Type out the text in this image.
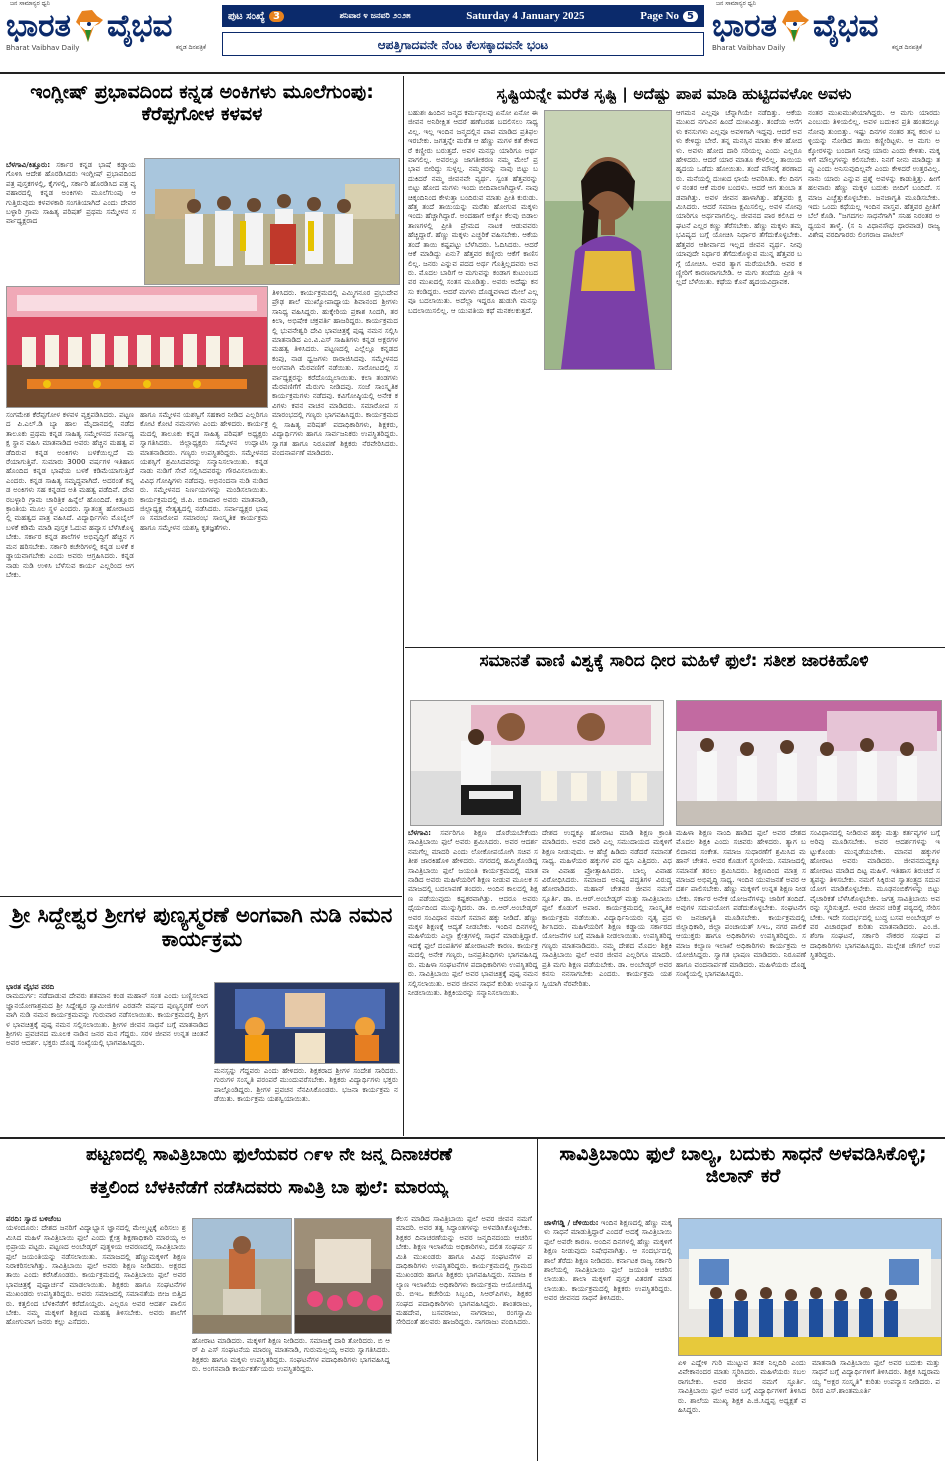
ಜನ ಸಾಮಾನ್ಯರ ಧ್ವನಿ
ಭಾರತ ವೈಭವ
Bharat Vaibhav Daily	ಕನ್ನಡ ದಿನಪತ್ರಿಕೆ
ಪುಟ ಸಂಖ್ಯೆ 3	ಶನಿವಾರ ೪ ಜನವರಿ ೨೦೨೫	Saturday 4 January 2025	Page No 5
ಆಪತ್ತಿಗಾದವನೇ ನೆಂಟ ಕೆಲಸಕ್ಕಾದವನೇ ಭಂಟ
ಜನ ಸಾಮಾನ್ಯರ ಧ್ವನಿ
ಭಾರತ ವೈಭವ
Bharat Vaibhav Daily	ಕನ್ನಡ ದಿನಪತ್ರಿಕೆ
ಇಂಗ್ಲೀಷ್ ಪ್ರಭಾವದಿಂದ ಕನ್ನಡ ಅಂಕಿಗಳು ಮೂಲೆಗುಂಪು: ಕೆರೆಪ್ಪಗೋಳ ಕಳವಳ
ಬೆಳಗಾವಿ/ಕಿತ್ತೂರು: ಸರ್ಕಾರ ಕನ್ನಡ ಭಾಷೆ ಕಡ್ಡಾಯಗೊಳಿಸಿ ಆದೇಶ ಹೊರಡಿಸಿದರು ಇಂಗ್ಲೀಷ್ ಪ್ರಭಾವದಿಂದ ಪತ್ರ ಪುಸ್ತಕಗಳಲ್ಲಿ, ಕೈಗಳಲ್ಲಿ, ಸರ್ಕಾರಿ ಹೊರಡಿಸಿದ ಪತ್ರ ವ್ಯವಹಾರದಲ್ಲಿ ಕನ್ನಡ ಅಂಕಿಗಳು ಮೂಲೆಗುಂಪು ಆಗುತ್ತಿರುವುದು ಕಳವಳಕಾರಿ ಸಂಗತಿಯಾಗಿದೆ ಎಂದು ದೇವರಬಳ್ಳಾರಿ ಗ್ರಾಮ ಸಾಹಿತ್ಯ ಪರಿಷತ್ ಪ್ರಥಮ ಸಮ್ಮೇಳನ ಸರ್ವಾಧ್ಯಕ್ಷರಾದ
ತಿಳಿಸಿದರು. ಕಾರ್ಯಕ್ರಮದಲ್ಲಿ ಎಮ್ಮಿಗನೂರ ಪ್ರಭುದೇವ ಪ್ರೌಢ ಶಾಲೆ ಮುಖ್ಯೋಪಾಧ್ಯಾಯ ಶಿವಾನಂದ ಶ್ರೀಗಳು ಸಾನಿಧ್ಯ ವಹಿಸಿದ್ದರು. ಹುಕ್ಕೇರಿಯ ಪ್ರಕಾಶ ಸಿಂದಗಿ, ತರಕಿಲಾ, ಅಭಿಷೇಕ ಚಕ್ರವರ್ತಿ ಹಾಜರಿದ್ದರು. ಕಾರ್ಯಕ್ರಮದಲ್ಲಿ ಭುವನೇಶ್ವರಿ ದೇವಿ ಭಾವಚಿತ್ರಕ್ಕೆ ಪುಷ್ಪ ನಮನ ಸಲ್ಲಿಸಿ ಮಾತನಾಡಿದ ಎಂ.ವಿ.ಎಸ್ ಸಾಹಿತಿಗಳು ಕನ್ನಡ ಅಕ್ಷರಗಳ ಮಹತ್ವ ತಿಳಿಸಿದರು. ಪಟ್ಟಣದಲ್ಲಿ ಎಲ್ಲೆಲ್ಲೂ ಕನ್ನಡದ ಕಂಪು, ನಾಡ ಧ್ವಜಗಳು ರಾರಾಜಿಸಿದವು. ಸಮ್ಮೇಳನದ ಅಂಗವಾಗಿ ಮೆರವಣಿಗೆ ನಡೆಯಿತು. ಸಾರೋಟದಲ್ಲಿ ಸರ್ವಾಧ್ಯಕ್ಷರನ್ನು ಕರೆದೊಯ್ಯಲಾಯಿತು. ಕಲಾ ತಂಡಗಳು ಮೆರವಣಿಗೆಗೆ ಮೆರುಗು ನೀಡಿದವು. ಸಂಜೆ ಸಾಂಸ್ಕೃತಿಕ ಕಾರ್ಯಕ್ರಮಗಳು ನಡೆದವು. ಕವಿಗೋಷ್ಠಿಯಲ್ಲಿ ಅನೇಕ ಕವಿಗಳು ಕವನ ವಾಚನ ಮಾಡಿದರು. ಸಮಾರೋಪ ಸಮಾರಂಭದಲ್ಲಿ ಗಣ್ಯರು ಭಾಗವಹಿಸಿದ್ದರು. ಕಾರ್ಯಕ್ರಮದಲ್ಲಿ ಸಾಹಿತ್ಯ ಪರಿಷತ್ ಪದಾಧಿಕಾರಿಗಳು, ಶಿಕ್ಷಕರು, ವಿದ್ಯಾರ್ಥಿಗಳು ಹಾಗೂ ಸಾರ್ವಜನಿಕರು ಉಪಸ್ಥಿತರಿದ್ದರು. ಸ್ವಾಗತ ಹಾಗೂ ನಿರೂಪಣೆ ಶಿಕ್ಷಕರು ನೆರವೇರಿಸಿದರು. ವಂದನಾರ್ಪಣೆ ಮಾಡಿದರು.
ಸಂಗಮೇಶ ಕೆರೆಪ್ಪಗೋಳ ಕಳವಳ ವ್ಯಕ್ತಪಡಿಸಿದರು. ಪಟ್ಟಣದ ಪಿ.ಎಲ್.ಡಿ ಬ್ಯಾ ಹಾಲ ಮೈದಾನದಲ್ಲಿ ನಡೆದ ತಾಲೂಕು ಪ್ರಥಮ ಕನ್ನಡ ಸಾಹಿತ್ಯ ಸಮ್ಮೇಳನದ ಸರ್ವಾಧ್ಯಕ್ಷ ಸ್ಥಾನ ವಹಿಸಿ ಮಾತನಾಡಿದ ಅವರು ಹೆಚ್ಚಿನ ಮಹತ್ವ ಪಡೆದಿರುವ ಕನ್ನಡ ಅಂಕಿಗಳು ಬಳಕೆಯಿಲ್ಲದೆ ಮರೆಯಾಗುತ್ತಿವೆ. ಸುಮಾರು 3000 ವರ್ಷಗಳ ಇತಿಹಾಸ ಹೊಂದಿದ ಕನ್ನಡ ಭಾಷೆಯ ಬಳಕೆ ಕಡಿಮೆಯಾಗುತ್ತಿದೆ ಎಂದರು. ಕನ್ನಡ ಸಾಹಿತ್ಯ ಸಮೃದ್ಧವಾಗಿದೆ. ಅದರಂತೆ ಕನ್ನಡ ಅಂಕಿಗಳು ಸಹ ಕನ್ನಡದ ಅತಿ ಮಹತ್ವ ಪಡೆದಿವೆ. ದೇವರಬಳ್ಳಾರಿ ಗ್ರಾಮ ಚಾರಿತ್ರಿಕ ಹಿನ್ನೆಲೆ ಹೊಂದಿದೆ. ಕಿತ್ತೂರು ಕ್ರಾಂತಿಯ ಮೂಲ ಸ್ಥಳ ಎಂದರು. ಸ್ವಾತಂತ್ರ್ಯ ಹೋರಾಟದಲ್ಲಿ ಮಹತ್ವದ ಪಾತ್ರ ವಹಿಸಿದೆ. ವಿದ್ಯಾರ್ಥಿಗಳು ಮೊಬೈಲ್ ಬಳಕೆ ಕಡಿಮೆ ಮಾಡಿ ಪುಸ್ತಕ ಓದುವ ಹವ್ಯಾಸ ಬೆಳೆಸಿಕೊಳ್ಳಬೇಕು. ಸರ್ಕಾರ ಕನ್ನಡ ಶಾಲೆಗಳ ಅಭಿವೃದ್ಧಿಗೆ ಹೆಚ್ಚಿನ ಗಮನ ಹರಿಸಬೇಕು. ಸರ್ಕಾರಿ ಕಚೇರಿಗಳಲ್ಲಿ ಕನ್ನಡ ಬಳಕೆ ಕಡ್ಡಾಯವಾಗಬೇಕು ಎಂದು ಅವರು ಆಗ್ರಹಿಸಿದರು. ಕನ್ನಡ ನಾಡು ನುಡಿ ಉಳಿಸಿ ಬೆಳೆಸುವ ಕಾರ್ಯ ಎಲ್ಲರಿಂದ ಆಗಬೇಕು.
ಹಾಗೂ ಸಮ್ಮೇಳನ ಯಶಸ್ವಿಗೆ ಸಹಕಾರ ನೀಡಿದ ಎಲ್ಲರಿಗೂ ಕೋಟಿ ಕೋಟಿ ನಮನಗಳು ಎಂದು ಹೇಳಿದರು. ಕಾರ್ಯಕ್ರಮದಲ್ಲಿ ತಾಲೂಕು ಕನ್ನಡ ಸಾಹಿತ್ಯ ಪರಿಷತ್ ಅಧ್ಯಕ್ಷರು ಸ್ವಾಗತಿಸಿದರು. ಜಿಲ್ಲಾಧ್ಯಕ್ಷರು ಸಮ್ಮೇಳನ ಉದ್ಘಾಟಿಸಿ ಮಾತನಾಡಿದರು. ಗಣ್ಯರು ಉಪಸ್ಥಿತರಿದ್ದರು. ಸಮ್ಮೇಳನದ ಯಶಸ್ಸಿಗೆ ಶ್ರಮಿಸಿದವರನ್ನು ಸನ್ಮಾನಿಸಲಾಯಿತು. ಕನ್ನಡ ನಾಡು ನುಡಿಗೆ ಸೇವೆ ಸಲ್ಲಿಸಿದವರನ್ನು ಗೌರವಿಸಲಾಯಿತು. ವಿವಿಧ ಗೋಷ್ಠಿಗಳು ನಡೆದವು. ಅಭಿನಂದನಾ ನುಡಿ ನುಡಿದರು. ಸಮ್ಮೇಳನದ ನಿರ್ಣಯಗಳನ್ನು ಮಂಡಿಸಲಾಯಿತು. ಕಾರ್ಯಕ್ರಮದಲ್ಲಿ ಜಿ.ಪಿ. ಬಿರಾದಾರ ಅವರು ಮಾತನಾಡಿ, ಜಿಲ್ಲಾಧ್ಯಕ್ಷ ನೇತೃತ್ವದಲ್ಲಿ ನಡೆಸಿದರು. ಸರ್ವಾಧ್ಯಕ್ಷರ ಭಾಷಣ ಸಮಾರೋಪ ಸಮಾರಂಭ ಸಾಂಸ್ಕೃತಿಕ ಕಾರ್ಯಕ್ರಮ ಹಾಗೂ ಸಮ್ಮೇಳನ ಯಶಸ್ವಿ ಕೃತಜ್ಞತೆಗಳು.
ಸೃಷ್ಟಿಯನ್ನೇ ಮರೆತ ಸೃಷ್ಟಿ | ಅದೆಷ್ಟು ಪಾಪ ಮಾಡಿ ಹುಟ್ಟಿದವಳೋ ಅವಳು
ಬಹುಶಃ ಹಿಂದಿನ ಜನ್ಮದ ಕರ್ಮಫಲವು ಏನೋ ಏನೋ ಈ ಜೀವನ ಅನಿರೀಕ್ಷಿತ ಆದರೆ ಹಣೆಬರಹ ಬದಲಿಸಲು ಸಾಧ್ಯವಿಲ್ಲ. ಇಲ್ಲ ಇಂದಿನ ಜನ್ಮದಲ್ಲಿನ ಪಾಪ ಮಾಡಿದ ಪ್ರತಿಫಲ ಇರಬೇಕು. ಜಗತ್ತನ್ನೇ ಮರೆತ ಆ ಹೆಣ್ಣು ಮಗಳ ಕತೆ ಕೇಳಿದರೆ ಕಣ್ಣೀರು ಬರುತ್ತದೆ. ಅವಳ ಮನಸ್ಸು ಯಾರಿಗೂ ಅರ್ಥವಾಗಲಿಲ್ಲ. ಅವರಲ್ಲೂ ಜಾಗತೀಕರಣ ನಮ್ಮ ಮೇಲೆ ಪ್ರಭಾವ ಬೀರಿದ್ದು ಸುಳ್ಳಲ್ಲ. ನಮ್ಮವರನ್ನು ನಾವು ಬಿಟ್ಟು ಬದುಕಿದರೆ ನಮ್ಮ ಜೀವನವೇ ವ್ಯರ್ಥ. ಸ್ವಂತ ಹೆತ್ತವರನ್ನು ಬಿಟ್ಟು ಹೋದ ಮಗಳು ಇಂದು ಬೀದಿಪಾಲಾಗಿದ್ದಾಳೆ. ನಾವು ಚಿಕ್ಕಂದಿನಿಂದ ಕೇಳುತ್ತಾ ಬಂದಿರುವ ಮಾತು ಪ್ರೀತಿ ಕುರುಡು. ಹೆತ್ತ ತಂದೆ ತಾಯಿಯನ್ನು ಮರೆತು ಹೋಗುವ ಮಕ್ಕಳು ಇಂದು ಹೆಚ್ಚಾಗಿದ್ದಾರೆ. ಅಂದಹಾಗೆ ಅಕ್ಕೋ ಕೆಲವು ಬಿಡಾಲ ತಾಣಗಳಲ್ಲಿ ಪ್ರೀತಿ ಪ್ರೇಮದ ನಾಟಕ ಆಡುವವರು ಹೆಚ್ಚಿದ್ದಾರೆ. ಹೆಣ್ಣು ಮಕ್ಕಳು ಎಚ್ಚರಿಕೆ ವಹಿಸಬೇಕು. ಆಕೆಯ ತಂದೆ ತಾಯಿ ಕಷ್ಟಪಟ್ಟು ಬೆಳೆಸಿದರು. ಓದಿಸಿದರು. ಆದರೆ ಆಕೆ ಮಾಡಿದ್ದು ಏನು? ಹೆತ್ತವರ ಕಣ್ಣೀರು ಆಕೆಗೆ ಕಾಣಿಸಲಿಲ್ಲ. ಜನರು ಎನ್ನುವ ಪದದ ಅರ್ಥ ಗೊತ್ತಿಲ್ಲದವರು ಅವರು. ಮೊದಲ ಬಾರಿಗೆ ಆ ಮಗುವನ್ನು ಕಂಡಾಗ ಕುಟುಂಬದವರ ಮುಖದಲ್ಲಿ ಸಂತಸ ಮೂಡಿತ್ತು. ಅವರು ಅದೆಷ್ಟು ಕನಸು ಕಂಡಿದ್ದರು. ಆದರೆ ಮಗಳು ದೊಡ್ಡವಳಾದ ಮೇಲೆ ಎಲ್ಲವೂ ಬದಲಾಯಿತು. ಅದೆಲ್ಲಾ ಇದ್ದರೂ ಹುಡುಗಿ ಮನಸ್ಸು ಬದಲಾಯಿಸಲಿಲ್ಲ. ಆ ಯುವತಿಯ ಕಥೆ ಮನಕಲಕುತ್ತದೆ.
ಆಗಮನ ಎಲ್ಲವೂ ಚೆನ್ನಾಗಿಯೇ ನಡೆದಿತ್ತು. ಆಕೆಯ ಮುಖದ ನಗುವಿನ ಹಿಂದೆ ದುಃಖವಿತ್ತು. ತಂದೆಯ ಆಸೆಗಳು ಕನಸುಗಳು ಎಲ್ಲವೂ ಅವಳಿಗಾಗಿ ಇದ್ದವು. ಆದರೆ ಅವಳು ಕೇಳಿದ್ದು ಬೇರೆ. ತನ್ನ ಮನಸ್ಸಿನ ಮಾತು ಕೇಳಿ ಹೋದಳು. ಅವಳು ಹೋದ ದಾರಿ ಸರಿಯಲ್ಲ ಎಂದು ಎಲ್ಲರೂ ಹೇಳಿದರು. ಆದರೆ ಯಾರ ಮಾತೂ ಕೇಳಲಿಲ್ಲ. ತಾಯಿಯ ಹೃದಯ ಒಡೆದು ಹೋಯಿತು. ತಂದೆ ಮೌನಕ್ಕೆ ಶರಣಾದರು. ಮನೆಯಲ್ಲಿ ದುಃಖದ ಛಾಯೆ ಆವರಿಸಿತು. ಕೆಲ ದಿನಗಳ ನಂತರ ಆಕೆ ಮರಳಿ ಬಂದಳು. ಆದರೆ ಆಗ ತುಂಬಾ ತಡವಾಗಿತ್ತು. ಅವಳ ಜೀವನ ಹಾಳಾಗಿತ್ತು. ಹೆತ್ತವರು ಕ್ಷಮಿಸಿದರು. ಆದರೆ ಸಮಾಜ ಕ್ಷಮಿಸಲಿಲ್ಲ. ಅವಳ ನೋವು ಯಾರಿಗೂ ಅರ್ಥವಾಗಲಿಲ್ಲ. ಜೀವನದ ಪಾಠ ಕಲಿಸಿದ ಆ ಘಟನೆ ಎಲ್ಲರ ಕಣ್ಣು ತೆರೆಸಬೇಕು. ಹೆಣ್ಣು ಮಕ್ಕಳು ತಮ್ಮ ಭವಿಷ್ಯದ ಬಗ್ಗೆ ಯೋಚಿಸಿ ನಿರ್ಧಾರ ತೆಗೆದುಕೊಳ್ಳಬೇಕು. ಹೆತ್ತವರ ಆಶೀರ್ವಾದ ಇಲ್ಲದ ಜೀವನ ವ್ಯರ್ಥ. ನೀವು ಯಾವುದೇ ನಿರ್ಧಾರ ತೆಗೆದುಕೊಳ್ಳುವ ಮುನ್ನ ಹೆತ್ತವರ ಬಗ್ಗೆ ಯೋಚಿಸಿ. ಅವರ ತ್ಯಾಗ ಮರೆಯಬೇಡಿ. ಅವರ ಕಣ್ಣೀರಿಗೆ ಕಾರಣರಾಗಬೇಡಿ. ಆ ಮಗು ತಂದೆಯ ಪ್ರೀತಿ ಇಲ್ಲದೆ ಬೆಳೆಯಿತು. ಕಥೆಯ ಕೊನೆ ಹೃದಯವಿದ್ರಾವಕ.
ನಂತರ ಮುಖಮುಖಿಯಾಗಿದ್ದರು. ಆ ಮಗು ಯಾರದು ಎಂಬುದು ತಿಳಿಯಲಿಲ್ಲ. ಅವಳ ಬದುಕಿನ ಪ್ರತಿ ಹಂತದಲ್ಲೂ ನೋವು ತುಂಬಿತ್ತು. ಇಷ್ಟು ದಿನಗಳ ನಂತರ ತನ್ನ ಕರುಳ ಬಳ್ಳಿಯನ್ನು ನೋಡಿದ ತಾಯಿ ಕಣ್ಣೀರಿಟ್ಟಳು. ಆ ಮಗು ಅಕ್ಕೋರಳನ್ನು ಬಂದಾಗ ನೀವು ಯಾರು ಎಂದು ಕೇಳಿತು. ಮಕ್ಕಳಿಗೆ ಮೌಲ್ಯಗಳನ್ನು ಕಲಿಸಬೇಕು. ನಿನಗೆ ನೀನು ಮಾಡಿದ್ದು ತಪ್ಪು ಎಂದು ಅನಿಸುವುದಿಲ್ಲವೇ ಎಂದು ಕೇಳಿದರೆ ಉತ್ತರವಿಲ್ಲ. ನಾನು ಯಾರು ಎನ್ನುವ ಪ್ರಶ್ನೆ ಅವಳನ್ನು ಕಾಡುತ್ತಿತ್ತು. ಹೀಗೆ ಹಲವಾರು ಹೆಣ್ಣು ಮಕ್ಕಳ ಬದುಕು ಬೀದಿಗೆ ಬಂದಿದೆ. ಸಮಾಜ ಎಚ್ಚೆತ್ತುಕೊಳ್ಳಬೇಕು. ಜನಜಾಗೃತಿ ಮೂಡಿಸಬೇಕು. ಇದು ಒಂದು ಕಥೆಯಲ್ಲ ಇಂದಿನ ವಾಸ್ತವ. ಹೆತ್ತವರ ಪ್ರೀತಿಗೆ ಬೆಲೆ ಕೊಡಿ. "ಜಗದಗಲ ಸಾಧನೆಗಾಗಿ" ಸನಿಹ ನಿರಂತರ ಅಧ್ಯಯನ ತಾಳ್ಮೆ. (ಸ ನಿ ವಿಧಾನಸೌಧ ಧಾರವಾಡ) ರಾಜ್ಯ ವಿಶೇಷ ವರದಿಗಾರರು ಲಿಂಗರಾಜ ಪಾಟೀಲ್
ಸಮಾನತೆ ವಾಣಿ ವಿಶ್ವಕ್ಕೆ ಸಾರಿದ ಧೀರ ಮಹಿಳೆ ಫುಲೆ: ಸತೀಶ ಜಾರಕಿಹೊಳಿ
ಬೆಳಗಾವಿ: ಸರ್ವರಿಗೂ ಶಿಕ್ಷಣ ದೊರೆಯಬೇಕೆಂದು ಸಾವಿತ್ರಿಬಾಯಿ ಫುಲೆ ಅವರು ಶ್ರಮಿಸಿದರು. ಅವರ ಆದರ್ಶ ನಮಗೆಲ್ಲ ಮಾದರಿ ಎಂದು ಲೋಕೋಪಯೋಗಿ ಸಚಿವ ಸತೀಶ ಜಾರಕಿಹೊಳಿ ಹೇಳಿದರು. ನಗರದಲ್ಲಿ ಹಮ್ಮಿಕೊಂಡಿದ್ದ ಸಾವಿತ್ರಿಬಾಯಿ ಫುಲೆ ಜಯಂತಿ ಕಾರ್ಯಕ್ರಮದಲ್ಲಿ ಮಾತನಾಡಿದ ಅವರು ಮಹಿಳೆಯರಿಗೆ ಶಿಕ್ಷಣ ನೀಡುವ ಮೂಲಕ ಸಮಾಜದಲ್ಲಿ ಬದಲಾವಣೆ ತಂದರು. ಅಂದಿನ ಕಾಲದಲ್ಲಿ ಶಿಕ್ಷಣ ಪಡೆಯುವುದು ಕಷ್ಟಕರವಾಗಿತ್ತು. ಆದರೂ ಅವರು ಧೈರ್ಯದಿಂದ ಮುನ್ನುಗ್ಗಿದರು. ಡಾ. ಬಿ.ಆರ್.ಅಂಬೇಡ್ಕರ್ ಅವರ ಸಂವಿಧಾನ ನಮಗೆ ಸಮಾನ ಹಕ್ಕು ನೀಡಿದೆ. ಹೆಣ್ಣು ಮಕ್ಕಳ ಶಿಕ್ಷಣಕ್ಕೆ ಆದ್ಯತೆ ನೀಡಬೇಕು. ಇಂದಿನ ದಿನಗಳಲ್ಲಿ ಮಹಿಳೆಯರು ಎಲ್ಲಾ ಕ್ಷೇತ್ರಗಳಲ್ಲಿ ಸಾಧನೆ ಮಾಡುತ್ತಿದ್ದಾರೆ. ಇದಕ್ಕೆ ಫುಲೆ ದಂಪತಿಗಳ ಹೋರಾಟವೇ ಕಾರಣ. ಕಾರ್ಯಕ್ರಮದಲ್ಲಿ ಅನೇಕ ಗಣ್ಯರು, ಜನಪ್ರತಿನಿಧಿಗಳು ಭಾಗವಹಿಸಿದ್ದರು. ಮಹಿಳಾ ಸಂಘಟನೆಗಳ ಪದಾಧಿಕಾರಿಗಳು ಉಪಸ್ಥಿತರಿದ್ದರು. ಸಾವಿತ್ರಿಬಾಯಿ ಫುಲೆ ಅವರ ಭಾವಚಿತ್ರಕ್ಕೆ ಪುಷ್ಪ ನಮನ ಸಲ್ಲಿಸಲಾಯಿತು. ಅವರ ಜೀವನ ಸಾಧನೆ ಕುರಿತು ಉಪನ್ಯಾಸ ನೀಡಲಾಯಿತು. ಶಿಕ್ಷಕಿಯರನ್ನು ಸನ್ಮಾನಿಸಲಾಯಿತು.
ದೇಶದ ಉದ್ದಕ್ಕೂ ಹೋರಾಟ ಮಾಡಿ ಶಿಕ್ಷಣ ಕ್ರಾಂತಿ ಮಾಡಿದರು. ಅವರ ದಾರಿ ಎಲ್ಲ ಸಮುದಾಯದ ಮಕ್ಕಳಿಗೆ ಶಿಕ್ಷಣ ನೀಡುವುದು. ಆ ಹೆಜ್ಜೆ ಹಿಡಿದು ನಡೆದರೆ ಸಮಾನತೆ ಸಾಧ್ಯ. ಮಹಿಳೆಯರ ಹಕ್ಕುಗಳ ಪರ ಧ್ವನಿ ಎತ್ತಿದರು. ವಿಧವಾ ವಿವಾಹ ಪ್ರೋತ್ಸಾಹಿಸಿದರು. ಬಾಲ್ಯ ವಿವಾಹ ವಿರೋಧಿಸಿದರು. ಸಮಾಜದ ಅನಿಷ್ಟ ಪದ್ಧತಿಗಳ ವಿರುದ್ಧ ಹೋರಾಡಿದರು. ಮಹಾನ್ ಚೇತನರ ಜೀವನ ನಮಗೆ ಸ್ಪೂರ್ತಿ. ಡಾ. ಬಿ.ಆರ್.ಅಂಬೇಡ್ಕರ್ ಮತ್ತು ಸಾವಿತ್ರಿಬಾಯಿ ಫುಲೆ ಕೊಡುಗೆ ಅಪಾರ. ಕಾರ್ಯಕ್ರಮದಲ್ಲಿ ಸಾಂಸ್ಕೃತಿಕ ಕಾರ್ಯಕ್ರಮ ನಡೆಯಿತು. ವಿದ್ಯಾರ್ಥಿನಿಯರು ನೃತ್ಯ ಪ್ರದರ್ಶಿಸಿದರು. ಮಹಿಳೆಯರಿಗೆ ಶಿಕ್ಷಣ ಕಡ್ಡಾಯ ಸರ್ಕಾರದ ಯೋಜನೆಗಳ ಬಗ್ಗೆ ಮಾಹಿತಿ ನೀಡಲಾಯಿತು. ಉಪಸ್ಥಿತರಿದ್ದ ಗಣ್ಯರು ಮಾತನಾಡಿದರು. ನಮ್ಮ ದೇಶದ ಮೊದಲ ಶಿಕ್ಷಕಿ ಸಾವಿತ್ರಿಬಾಯಿ ಫುಲೆ ಅವರ ಜೀವನ ಎಲ್ಲರಿಗೂ ಮಾದರಿ. ಪ್ರತಿ ಮಗು ಶಿಕ್ಷಣ ಪಡೆಯಬೇಕು. ಡಾ. ಅಂಬೇಡ್ಕರ್ ಅವರ ಕನಸು ನನಸಾಗಬೇಕು ಎಂದರು. ಕಾರ್ಯಕ್ರಮ ಯಶಸ್ವಿಯಾಗಿ ನೆರವೇರಿತು.
ಮಹಿಳಾ ಶಿಕ್ಷಣ ನಾಂದಿ ಹಾಡಿದ ಫುಲೆ ಅವರ ದೇಶದ ಮೊದಲ ಶಿಕ್ಷಕಿ ಎಂದು ಸಚಿವರು ಹೇಳಿದರು. ತ್ಯಾಗ ಬಲಿದಾನದ ಸಂಕೇತ. ಸಮಾಜ ಸುಧಾರಣೆಗೆ ಶ್ರಮಿಸಿದ ಮಹಾನ್ ಚೇತನ. ಅವರ ಕೊಡುಗೆ ಸ್ಮರಣೀಯ. ಸಮಾಜದಲ್ಲಿ ಸಮಾನತೆ ತರಲು ಶ್ರಮಿಸಿದರು. ಶಿಕ್ಷಣದಿಂದ ಮಾತ್ರ ಸಮಾಜದ ಅಭಿವೃದ್ಧಿ ಸಾಧ್ಯ. ಇಂದಿನ ಯುವಜನತೆ ಅವರ ಆದರ್ಶ ಪಾಲಿಸಬೇಕು. ಹೆಣ್ಣು ಮಕ್ಕಳಿಗೆ ಉನ್ನತ ಶಿಕ್ಷಣ ನೀಡಬೇಕು. ಸರ್ಕಾರ ಅನೇಕ ಯೋಜನೆಗಳನ್ನು ಜಾರಿಗೆ ತಂದಿದೆ. ಅವುಗಳ ಸದುಪಯೋಗ ಪಡೆದುಕೊಳ್ಳಬೇಕು. ಸಂಘಟನೆಗಳು ಜನಜಾಗೃತಿ ಮೂಡಿಸಬೇಕು. ಕಾರ್ಯಕ್ರಮದಲ್ಲಿ ಜಿಲ್ಲಾಧಿಕಾರಿ, ಜಿಲ್ಲಾ ಪಂಚಾಯತ್ ಸಿಇಒ, ನಗರ ಪಾಲಿಕೆ ಆಯುಕ್ತರು ಹಾಗೂ ಅಧಿಕಾರಿಗಳು ಉಪಸ್ಥಿತರಿದ್ದರು. ಸಮಾಜ ಕಲ್ಯಾಣ ಇಲಾಖೆ ಅಧಿಕಾರಿಗಳು ಕಾರ್ಯಕ್ರಮ ಆಯೋಜಿಸಿದ್ದರು. ಸ್ವಾಗತ ಭಾಷಣ ಮಾಡಿದರು. ನಿರೂಪಣೆ ಹಾಗೂ ವಂದನಾರ್ಪಣೆ ಮಾಡಿದರು. ಮಹಿಳೆಯರು ದೊಡ್ಡ ಸಂಖ್ಯೆಯಲ್ಲಿ ಭಾಗವಹಿಸಿದ್ದರು.
ಸಂವಿಧಾನದಲ್ಲಿ ನೀಡಿರುವ ಹಕ್ಕು ಮತ್ತು ಕರ್ತವ್ಯಗಳ ಬಗ್ಗೆ ಅರಿವು ಮೂಡಿಸಬೇಕು. ಅವರ ಆದರ್ಶಗಳನ್ನು ಇಟ್ಟುಕೊಂಡು ಮುನ್ನಡೆಯಬೇಕು. ಮಾನವ ಹಕ್ಕುಗಳ ಹೋರಾಟ ಅವರು ಮಾಡಿದರು. ಜೀವನದುದ್ದಕ್ಕೂ ಹೋರಾಟ ಮಾಡಿದ ದಿಟ್ಟ ಮಹಿಳೆ. ಇತಿಹಾಸ ತಿರುಚದೆ ಸತ್ಯವನ್ನು ತಿಳಿಸಬೇಕು. ನಮಗೆ ಸಿಕ್ಕಿರುವ ಸ್ವಾತಂತ್ರ್ಯದ ಸದುಪಯೋಗ ಮಾಡಿಕೊಳ್ಳಬೇಕು. ಮೂಢನಂಬಿಕೆಗಳನ್ನು ಬಿಟ್ಟು ವೈಚಾರಿಕತೆ ಬೆಳೆಸಿಕೊಳ್ಳಬೇಕು. ಜಗತ್ತ ಸಾವಿತ್ರಿಬಾಯಿ ಅವರನ್ನು ಸ್ಮರಿಸುತ್ತದೆ. ಅವರ ಜೀವನ ಚರಿತ್ರೆ ಪಠ್ಯದಲ್ಲಿ ಸೇರಿಸಬೇಕು. ಇದೇ ಸಂದರ್ಭದಲ್ಲಿ ಬುದ್ಧ ಬಸವ ಅಂಬೇಡ್ಕರ್ ಅವರ ವಿಚಾರಧಾರೆ ಕುರಿತು ಮಾತನಾಡಿದರು. ಎಂ.ಜಿ. ಶೆಂಗಾ ಸಂಘಟನೆ, ಸರ್ಕಾರಿ ನೌಕರರ ಸಂಘದ ಪದಾಧಿಕಾರಿಗಳು ಭಾಗವಹಿಸಿದ್ದರು. ಮಲ್ಲೇಶ ಚೌಗಲೆ ಉಪಸ್ಥಿತರಿದ್ದರು.
ಶ್ರೀ ಸಿದ್ದೇಶ್ವರ ಶ್ರೀಗಳ ಪುಣ್ಯಸ್ಮರಣೆ ಅಂಗವಾಗಿ ನುಡಿ ನಮನ ಕಾರ್ಯಕ್ರಮ
ಭಾರತ ವೈಭವ ವರದಿ
ರಾಮದುರ್ಗ: ನಡೆದಾಡುವ ದೇವರು ಶತಮಾನ ಕಂಡ ಮಹಾನ್ ಸಂತ ಎಂದು ಬಣ್ಣಿಸಲಾದ ಜ್ಞಾನಯೋಗಾಶ್ರಮದ ಶ್ರೀ ಸಿದ್ದೇಶ್ವರ ಸ್ವಾಮೀಜಿಗಳ ಎರಡನೇ ವರ್ಷದ ಪುಣ್ಯಸ್ಮರಣೆ ಅಂಗವಾಗಿ ನುಡಿ ನಮನ ಕಾರ್ಯಕ್ರಮವನ್ನು ಗುರುವಾರ ನಡೆಸಲಾಯಿತು. ಕಾರ್ಯಕ್ರಮದಲ್ಲಿ ಶ್ರೀಗಳ ಭಾವಚಿತ್ರಕ್ಕೆ ಪುಷ್ಪ ನಮನ ಸಲ್ಲಿಸಲಾಯಿತು. ಶ್ರೀಗಳ ಜೀವನ ಸಾಧನೆ ಬಗ್ಗೆ ಮಾತನಾಡಿದ ಶ್ರೀಗಳು ಪ್ರವಚನದ ಮೂಲಕ ನಾಡಿನ ಜನರ ಮನ ಗೆದ್ದರು. ಸರಳ ಜೀವನ ಉನ್ನತ ಚಿಂತನೆ ಅವರ ಆದರ್ಶ. ಭಕ್ತರು ದೊಡ್ಡ ಸಂಖ್ಯೆಯಲ್ಲಿ ಭಾಗವಹಿಸಿದ್ದರು.
ಮನಸ್ಸನ್ನು ಗೆದ್ದವರು ಎಂದು ಹೇಳಿದರು. ಶಿಕ್ಷಕರಾದ ಶ್ರೀಗಳ ಸಂದೇಶ ಸಾರಿದರು. ಗುರುಗಳ ಸಂಸ್ಕೃತಿ ಪರಂಪರೆ ಮುಂದುವರೆಸಬೇಕು. ಶಿಕ್ಷಕರು ವಿದ್ಯಾರ್ಥಿಗಳು ಭಕ್ತರು ಪಾಲ್ಗೊಂಡಿದ್ದರು. ಶ್ರೀಗಳ ಪ್ರವಚನ ನೆನಪಿಸಿಕೊಂಡರು. ಭಜನಾ ಕಾರ್ಯಕ್ರಮ ನಡೆಯಿತು. ಕಾರ್ಯಕ್ರಮ ಯಶಸ್ವಿಯಾಯಿತು.
ಪಟ್ಟಣದಲ್ಲಿ ಸಾವಿತ್ರಿಬಾಯಿ ಫುಲೆಯವರ ೧೯೪ ನೇ ಜನ್ಮ ದಿನಾಚರಣೆ
ಕತ್ತಲಿಂದ ಬೆಳಕಿನೆಡೆಗೆ ನಡೆಸಿದವರು ಸಾವಿತ್ರಿ ಬಾ ಫುಲೆ: ಮಾರಯ್ಯ
ಪರದಿ: ಸ್ವಾದ ಬಳಿಚೆಂಬ
ಯಳಂದೂರು: ದೇಶದ ಜನರಿಗೆ ವಿದ್ಯಾಭ್ಯಾಸ ಜ್ಞಾನದಲ್ಲಿ ಮೇಲ್ಮಟ್ಟಕ್ಕೆ ಏರಿಸಲು ಶ್ರಮಿಸಿದ ಮಹಿಳೆ ಸಾವಿತ್ರಿಬಾಯಿ ಫುಲೆ ಎಂದು ಕ್ಷೇತ್ರ ಶಿಕ್ಷಣಾಧಿಕಾರಿ ಮಾರಯ್ಯ ಅಭಿಪ್ರಾಯ ಪಟ್ಟರು. ಪಟ್ಟಣದ ಅಂಬೇಡ್ಕರ್ ಪುತ್ಥಳಿಯ ಆವರಣದಲ್ಲಿ ಸಾವಿತ್ರಿಬಾಯಿ ಫುಲೆ ಜಯಂತಿಯನ್ನು ನಡೆಸಲಾಯಿತು. ಸಮಾಜದಲ್ಲಿ ಹೆಣ್ಣುಮಕ್ಕಳಿಗೆ ಶಿಕ್ಷಣ ನಿರಾಕರಿಸಲಾಗಿತ್ತು. ಸಾವಿತ್ರಿಬಾಯಿ ಫುಲೆ ಅವರು ಶಿಕ್ಷಣ ನೀಡಿದರು. ಅಕ್ಷರದ ತಾಯಿ ಎಂದು ಕರೆಸಿಕೊಂಡರು. ಕಾರ್ಯಕ್ರಮದಲ್ಲಿ ಸಾವಿತ್ರಿಬಾಯಿ ಫುಲೆ ಅವರ ಭಾವಚಿತ್ರಕ್ಕೆ ಪುಷ್ಪಾರ್ಚನೆ ಮಾಡಲಾಯಿತು. ಶಿಕ್ಷಕರು ಹಾಗೂ ಸಂಘಟನೆಗಳ ಮುಖಂಡರು ಉಪಸ್ಥಿತರಿದ್ದರು. ಅವರು ಸಮಾಜದಲ್ಲಿ ಸಮಾನತೆಯ ಬೀಜ ಬಿತ್ತಿದರು. ಕತ್ತಲಿಂದ ಬೆಳಕಿನೆಡೆಗೆ ಕರೆದೊಯ್ದರು. ಎಲ್ಲರೂ ಅವರ ಆದರ್ಶ ಪಾಲಿಸಬೇಕು. ನಮ್ಮ ಮಕ್ಕಳಿಗೆ ಶಿಕ್ಷಣದ ಮಹತ್ವ ತಿಳಿಸಬೇಕು. ಅವರು ಶಾಲೆಗೆ ಹೋಗುವಾಗ ಜನರು ಕಲ್ಲು ಎಸೆದರು.
ಹೋರಾಟ ಮಾಡಿದರು. ಮಕ್ಕಳಿಗೆ ಶಿಕ್ಷಣ ನೀಡಿದರು. ಸಮಾಜಕ್ಕೆ ದಾರಿ ತೋರಿದರು. ಬಿ ಆರ್ ಪಿ ಎಸ್ ಸಂಘಟನೆಯ ಮಾರಣ್ಣ ಮಾತನಾಡಿ, ಗುರುಮಲ್ಲಯ್ಯ ಅವರು ಸ್ವಾಗತಿಸಿದರು. ಶಿಕ್ಷಕರು ಹಾಗೂ ಮಕ್ಕಳು ಉಪಸ್ಥಿತರಿದ್ದರು. ಸಂಘಟನೆಗಳ ಪದಾಧಿಕಾರಿಗಳು ಭಾಗವಹಿಸಿದ್ದರು. ಅಂಗನವಾಡಿ ಕಾರ್ಯಕರ್ತೆಯರು ಉಪಸ್ಥಿತರಿದ್ದರು.
ಕೆಲಸ ಮಾಡಿದ ಸಾವಿತ್ರಿಬಾಯಿ ಫುಲೆ ಅವರ ಜೀವನ ನಮಗೆ ಮಾದರಿ. ಅವರ ತತ್ವ ಸಿದ್ಧಾಂತಗಳನ್ನು ಅಳವಡಿಸಿಕೊಳ್ಳಬೇಕು. ಶಿಕ್ಷಕರ ದಿನಾಚರಣೆಯನ್ನು ಅವರ ಜನ್ಮದಿನದಂದು ಆಚರಿಸಬೇಕು. ಶಿಕ್ಷಣ ಇಲಾಖೆಯ ಅಧಿಕಾರಿಗಳು, ದಲಿತ ಸಂಘರ್ಷ ಸಮಿತಿ ಮುಖಂಡರು ಹಾಗೂ ವಿವಿಧ ಸಂಘಟನೆಗಳ ಪದಾಧಿಕಾರಿಗಳು ಉಪಸ್ಥಿತರಿದ್ದರು. ಕಾರ್ಯಕ್ರಮದಲ್ಲಿ ಗ್ರಾಮದ ಮುಖಂಡರು ಹಾಗೂ ಶಿಕ್ಷಕರು ಭಾಗವಹಿಸಿದ್ದರು. ಸಮಾಜ ಕಲ್ಯಾಣ ಇಲಾಖೆಯ ಅಧಿಕಾರಿಗಳು ಕಾರ್ಯಕ್ರಮ ಆಯೋಜಿಸಿದ್ದರು. ಬಿಇಒ ಕಚೇರಿಯ ಸಿಬ್ಬಂದಿ, ಸಿಆರ್‌ಪಿಗಳು, ಶಿಕ್ಷಕರ ಸಂಘದ ಪದಾಧಿಕಾರಿಗಳು ಭಾಗವಹಿಸಿದ್ದರು. ಶಾಂತರಾಜು, ಮಹದೇವ, ಬಸವರಾಜು, ನಾಗರಾಜು, ರಂಗಸ್ವಾಮಿ ಸೇರಿದಂತೆ ಹಲವರು ಹಾಜರಿದ್ದರು. ನಾಗರಾಜು ವಂದಿಸಿದರು.
ಸಾವಿತ್ರಿಬಾಯಿ ಫುಲೆ ಬಾಲ್ಯ, ಬದುಕು ಸಾಧನೆ ಅಳವಡಿಸಿಕೊಳ್ಳಿ; ಜಿಲಾನ್ ಕರೆ
ಚಾಳೆಗಡ್ಡಿ / ಚೆಳಿಯಿರು: ಇಂದಿನ ಶಿಕ್ಷಣದಲ್ಲಿ ಹೆಣ್ಣು ಮಕ್ಕಳು ಸಾಧನೆ ಮಾಡುತ್ತಿದ್ದಾರೆ ಎಂದರೆ ಅದಕ್ಕೆ ಸಾವಿತ್ರಿಬಾಯಿ ಫುಲೆ ಅವರೇ ಕಾರಣ. ಅಂದಿನ ದಿನಗಳಲ್ಲಿ ಹೆಣ್ಣು ಮಕ್ಕಳಿಗೆ ಶಿಕ್ಷಣ ನೀಡುವುದು ನಿಷೇಧವಾಗಿತ್ತು. ಆ ಸಂದರ್ಭದಲ್ಲಿ ಶಾಲೆ ತೆರೆದು ಶಿಕ್ಷಣ ನೀಡಿದರು. ಕರ್ನಾಟಕ ರಾಜ್ಯ ಸರ್ಕಾರಿ ಶಾಲೆಯಲ್ಲಿ ಸಾವಿತ್ರಿಬಾಯಿ ಫುಲೆ ಜಯಂತಿ ಆಚರಿಸಲಾಯಿತು. ಶಾಲಾ ಮಕ್ಕಳಿಗೆ ಪುಸ್ತಕ ವಿತರಣೆ ಮಾಡಲಾಯಿತು. ಕಾರ್ಯಕ್ರಮದಲ್ಲಿ ಶಿಕ್ಷಕರು ಉಪಸ್ಥಿತರಿದ್ದರು. ಅವರ ಜೀವನದ ಸಾಧನೆ ತಿಳಿಸಿದರು.
ಏಳಿ ಎದ್ದೇಳಿ ಗುರಿ ಮುಟ್ಟುವ ತನಕ ನಿಲ್ಲದಿರಿ ಎಂದು ವಿವೇಕಾನಂದರ ಮಾತು ಸ್ಮರಿಸಿದರು. ಮಹಿಳೆಯರು ಸಬಲರಾಗಬೇಕು. ಅವರ ಜೀವನ ನಮಗೆ ಸ್ಫೂರ್ತಿ. ಸಾವಿತ್ರಿಬಾಯಿ ಫುಲೆ ಅವರ ಬಗ್ಗೆ ವಿದ್ಯಾರ್ಥಿಗಳಿಗೆ ತಿಳಿಸಿದರು. ಶಾಲೆಯ ಮುಖ್ಯ ಶಿಕ್ಷಕ ಪಿ.ಜಿ.ಸಿದ್ದಪ್ಪ ಅಧ್ಯಕ್ಷತೆ ವಹಿಸಿದ್ದರು.
ಮಾತನಾಡಿ ಸಾವಿತ್ರಿಬಾಯಿ ಫುಲೆ ಅವರ ಬದುಕು ಮತ್ತು ಸಾಧನೆ ಬಗ್ಗೆ ವಿದ್ಯಾರ್ಥಿಗಳಿಗೆ ತಿಳಿಸಿದರು. ಶಿಕ್ಷಕ ಸಿದ್ದರಾಮಯ್ಯ "ಅಕ್ಷರ ಸಂಸ್ಕೃತಿ" ಕುರಿತು ಉಪನ್ಯಾಸ ನೀಡಿದರು. ಪರಿಸರ ಎಸ್.ಶಾಂತಮೂರ್ತಿ
